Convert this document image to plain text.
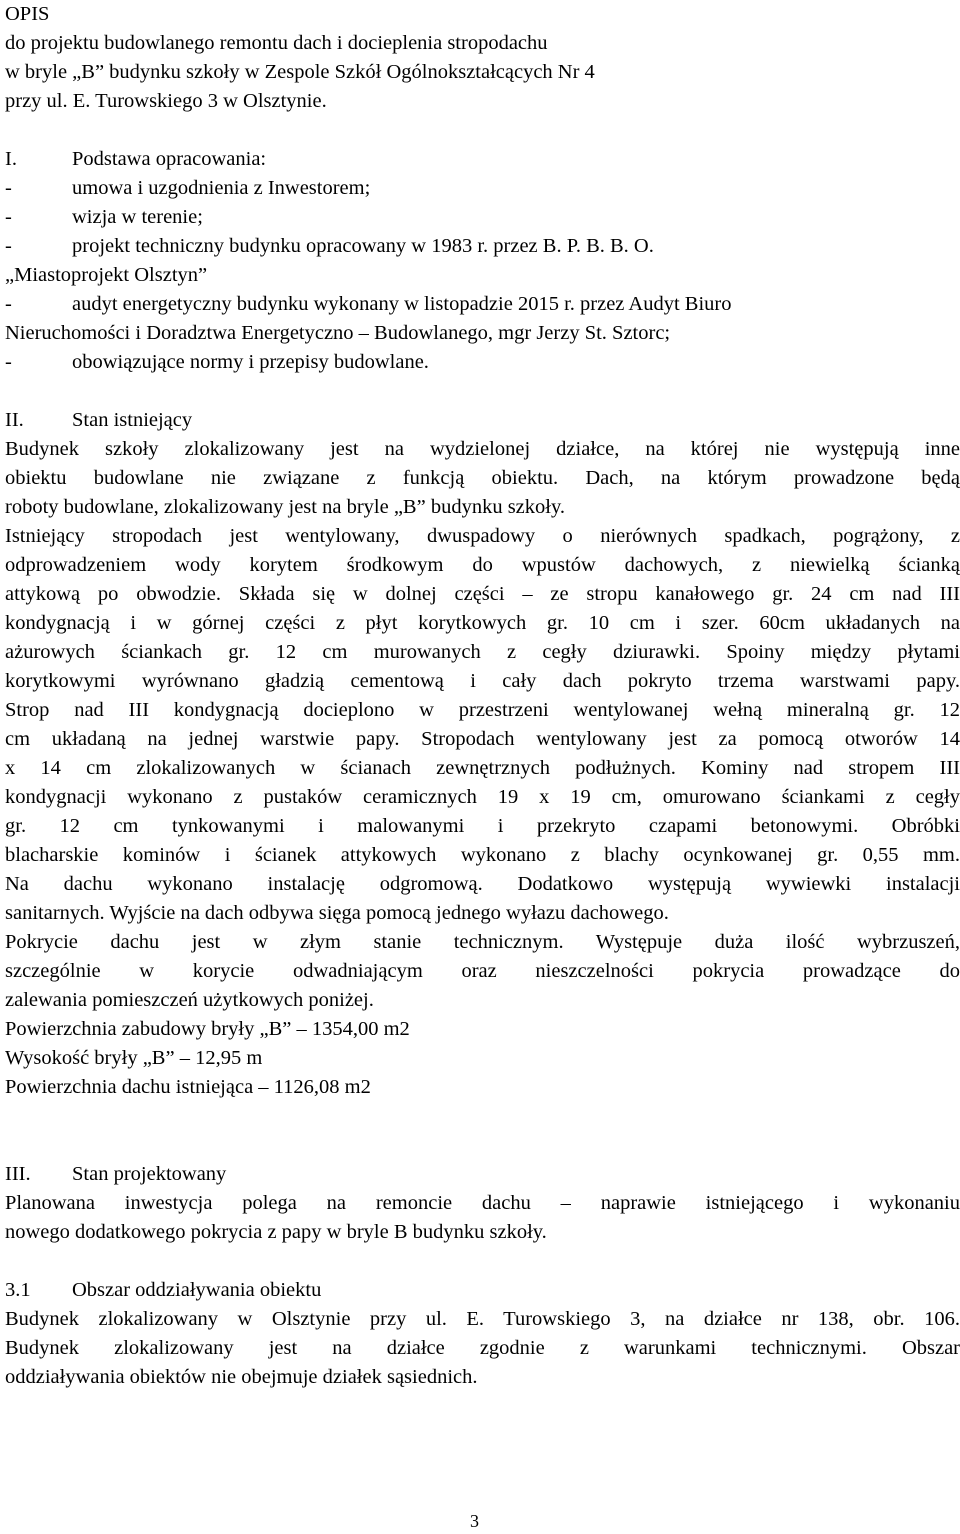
OPIS
do projektu budowlanego remontu dach i docieplenia stropodachu
w bryle „B” budynku szkoły w Zespole Szkół Ogólnokształcących Nr 4
przy ul. E. Turowskiego 3 w Olsztynie.
I.	Podstawa opracowania:
-	umowa i uzgodnienia z Inwestorem;
-	wizja w terenie;
-	projekt techniczny budynku opracowany w 1983 r. przez B. P. B. B. O.
„Miastoprojekt Olsztyn”
-	audyt energetyczny budynku wykonany w listopadzie 2015 r. przez Audyt Biuro
Nieruchomości i Doradztwa Energetyczno – Budowlanego, mgr Jerzy St. Sztorc;
-	obowiązujące normy i przepisy budowlane.
II. Stan istniejący
Budynek szkoły zlokalizowany jest na wydzielonej działce, na której nie występują inne
obiektu budowlane nie związane z funkcją obiektu. Dach, na którym prowadzone będą
roboty budowlane, zlokalizowany jest na bryle „B” budynku szkoły.
Istniejący stropodach jest wentylowany, dwuspadowy o nierównych spadkach, pogrążony, z
odprowadzeniem wody korytem środkowym do wpustów dachowych, z niewielką ścianką
attykową po obwodzie. Składa się w dolnej części – ze stropu kanałowego gr. 24 cm nad III
kondygnacją i w górnej części z płyt korytkowych gr. 10 cm i szer. 60cm układanych na
ażurowych ściankach gr. 12 cm murowanych z cegły dziurawki. Spoiny między płytami
korytkowymi wyrównano gładzią cementową i cały dach pokryto trzema warstwami papy.
Strop nad III kondygnacją docieplono w przestrzeni wentylowanej wełną mineralną gr. 12
cm układaną na jednej warstwie papy. Stropodach wentylowany jest za pomocą otworów 14
x 14 cm zlokalizowanych w ścianach zewnętrznych podłużnych. Kominy nad stropem III
kondygnacji wykonano z pustaków ceramicznych 19 x 19 cm, omurowano ściankami z cegły
gr. 12 cm tynkowanymi i malowanymi i przekryto czapami betonowymi. Obróbki
blacharskie kominów i ścianek attykowych wykonano z blachy ocynkowanej gr. 0,55 mm.
Na dachu wykonano instalację odgromową. Dodatkowo występują wywiewki instalacji
sanitarnych. Wyjście na dach odbywa sięga pomocą jednego wyłazu dachowego.
Pokrycie dachu jest w złym stanie technicznym. Występuje duża ilość wybrzuszeń,
szczególnie w korycie odwadniającym oraz nieszczelności pokrycia prowadzące do
zalewania pomieszczeń użytkowych poniżej.
Powierzchnia zabudowy bryły „B” – 1354,00 m2
Wysokość bryły „B” – 12,95 m
Powierzchnia dachu istniejąca – 1126,08 m2
III. Stan projektowany
Planowana inwestycja polega na remoncie dachu – naprawie istniejącego i wykonaniu
nowego dodatkowego pokrycia z papy w bryle B budynku szkoły.
3.1 Obszar oddziaływania obiektu
Budynek zlokalizowany w Olsztynie przy ul. E. Turowskiego 3, na działce nr 138, obr. 106.
Budynek zlokalizowany jest na działce zgodnie z warunkami technicznymi. Obszar
oddziaływania obiektów nie obejmuje działek sąsiednich.
3
